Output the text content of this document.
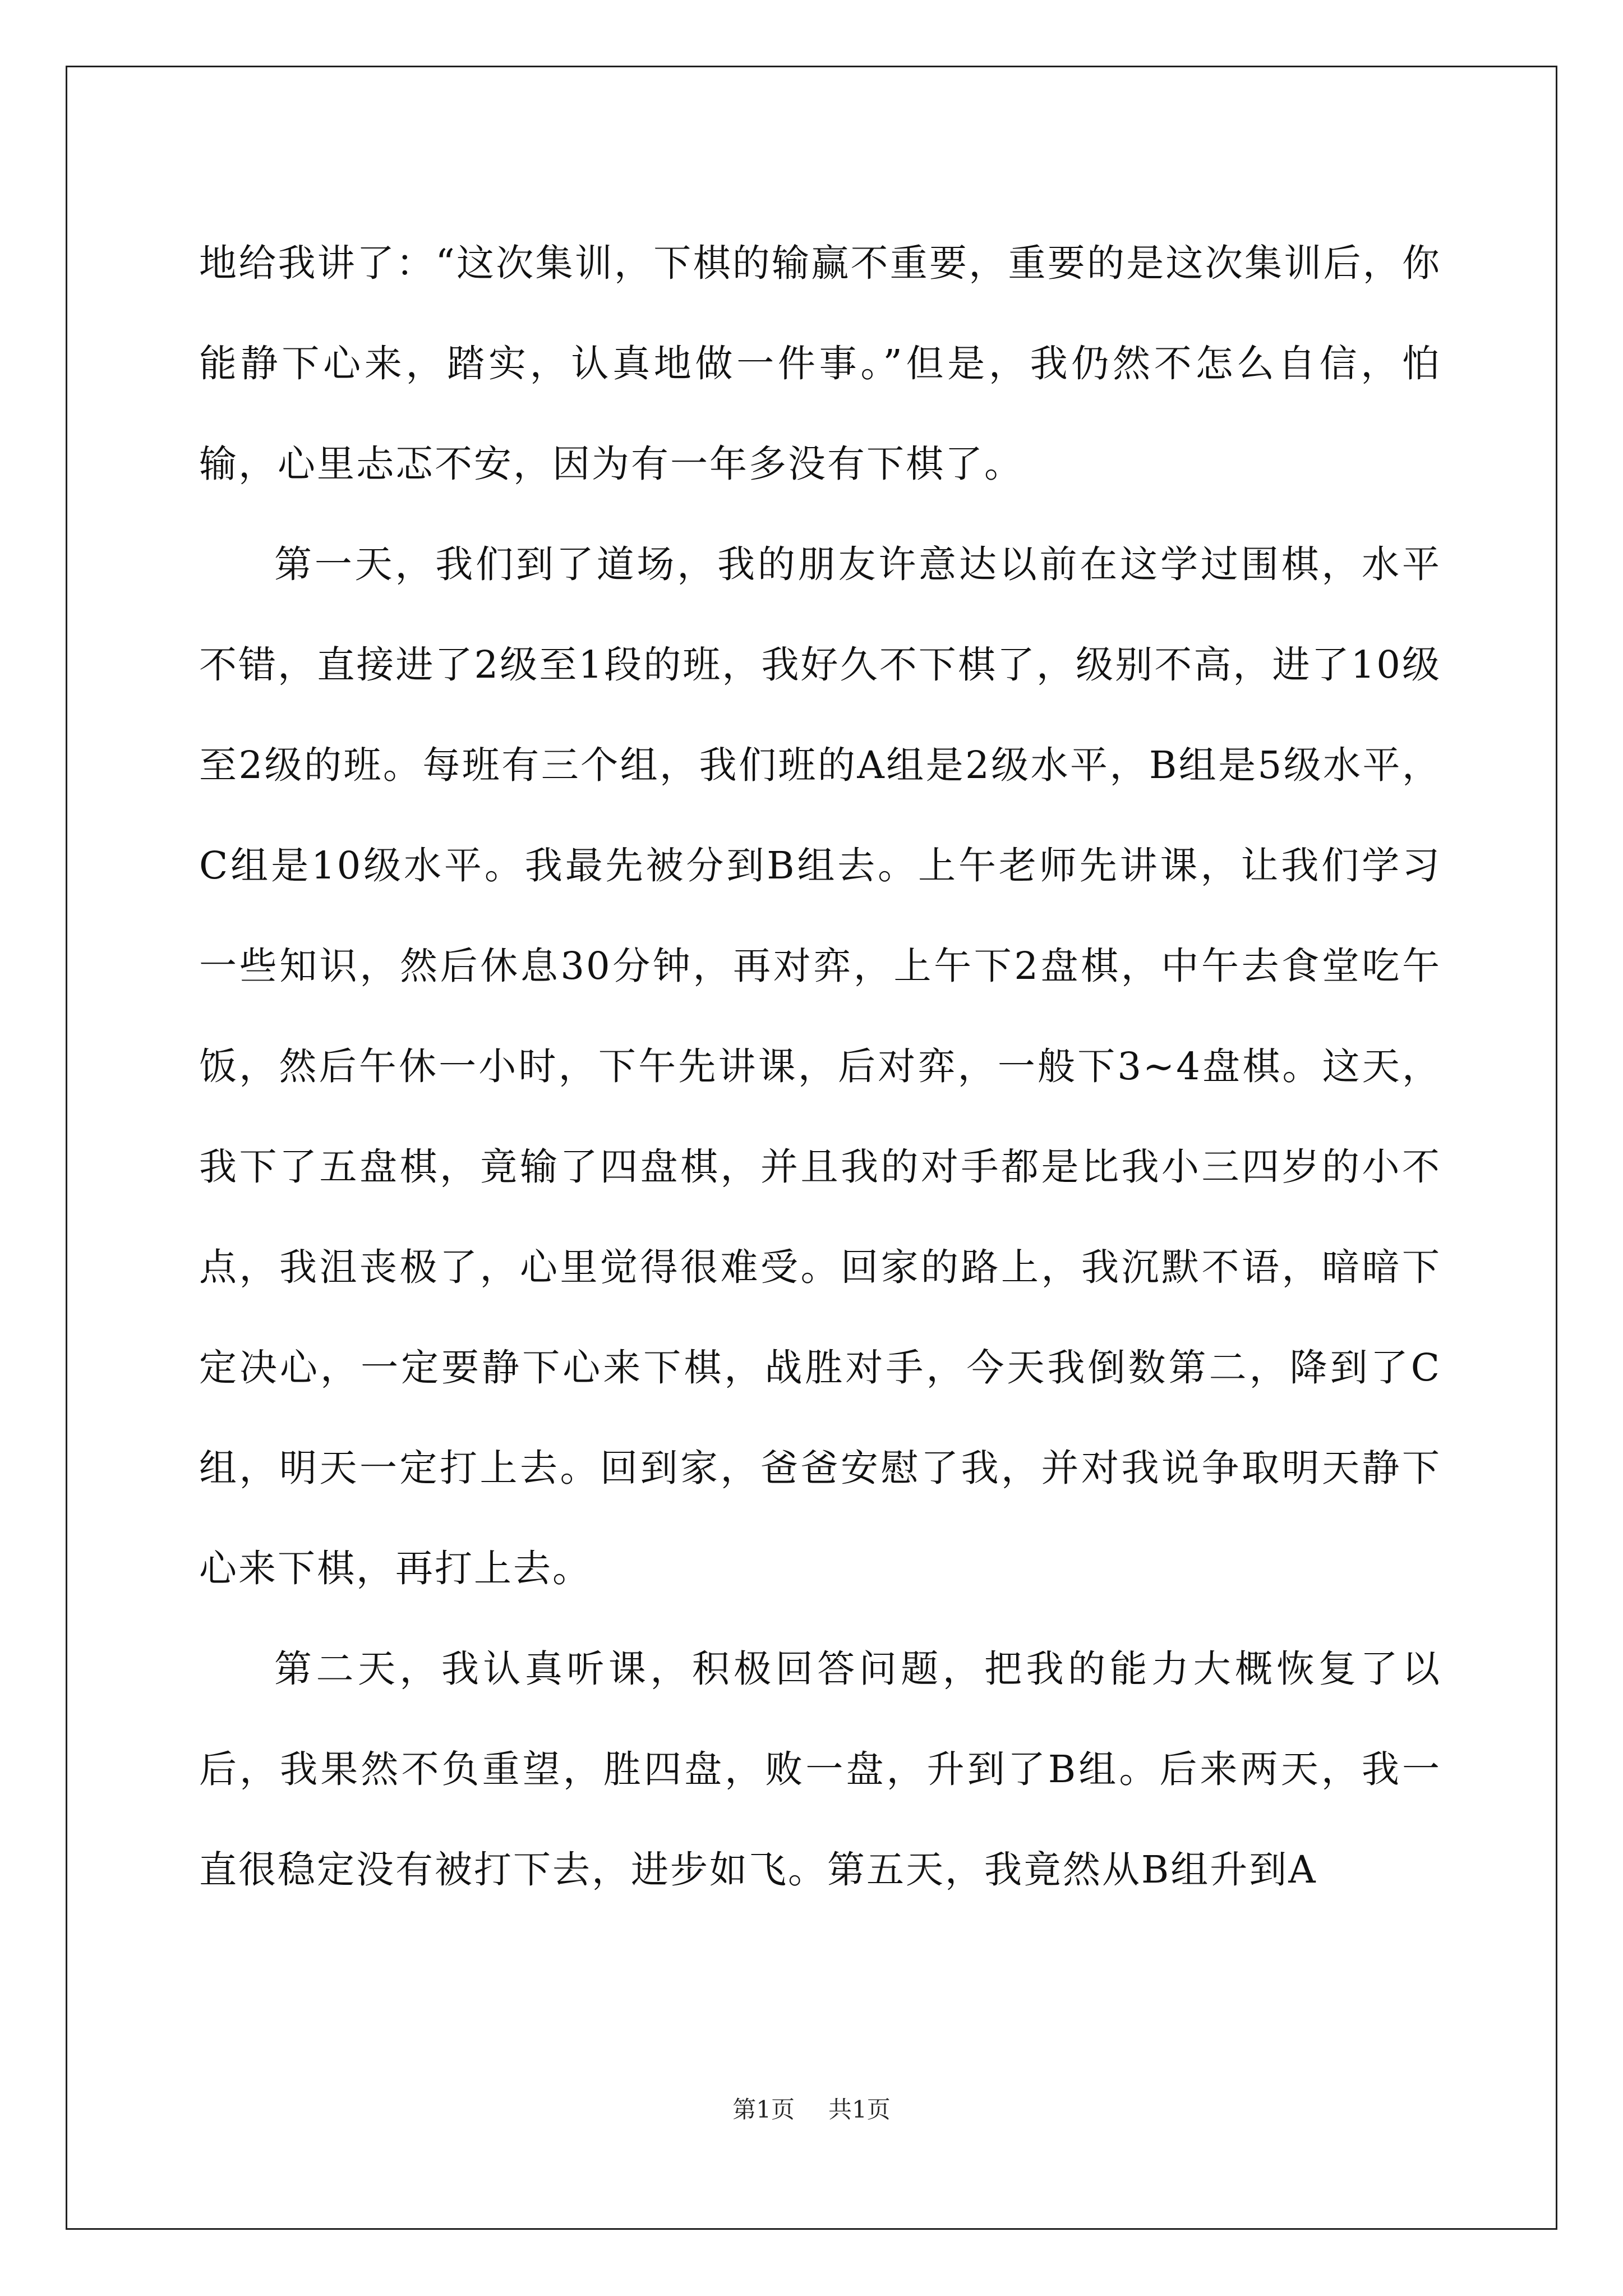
地给我讲了：“这次集训，下棋的输赢不重要，重要的是这次集训后，你能静下心来，踏实，认真地做一件事。”但是，我仍然不怎么自信，怕输，心里忐忑不安，因为有一年多没有下棋了。

第一天，我们到了道场，我的朋友许意达以前在这学过围棋，水平不错，直接进了2级至1段的班，我好久不下棋了，级别不高，进了10级至2级的班。每班有三个组，我们班的A组是2级水平，B组是5级水平，C组是10级水平。我最先被分到B组去。上午老师先讲课，让我们学习一些知识，然后休息30分钟，再对弈，上午下2盘棋，中午去食堂吃午饭，然后午休一小时，下午先讲课，后对弈，一般下3~4盘棋。这天，我下了五盘棋，竟输了四盘棋，并且我的对手都是比我小三四岁的小不点，我沮丧极了，心里觉得很难受。回家的路上，我沉默不语，暗暗下定决心，一定要静下心来下棋，战胜对手，今天我倒数第二，降到了C组，明天一定打上去。回到家，爸爸安慰了我，并对我说争取明天静下心来下棋，再打上去。

第二天，我认真听课，积极回答问题，把我的能力大概恢复了以后，我果然不负重望，胜四盘，败一盘，升到了B组。后来两天，我一直很稳定没有被打下去，进步如飞。第五天，我竟然从B组升到A

第1页 共1页
